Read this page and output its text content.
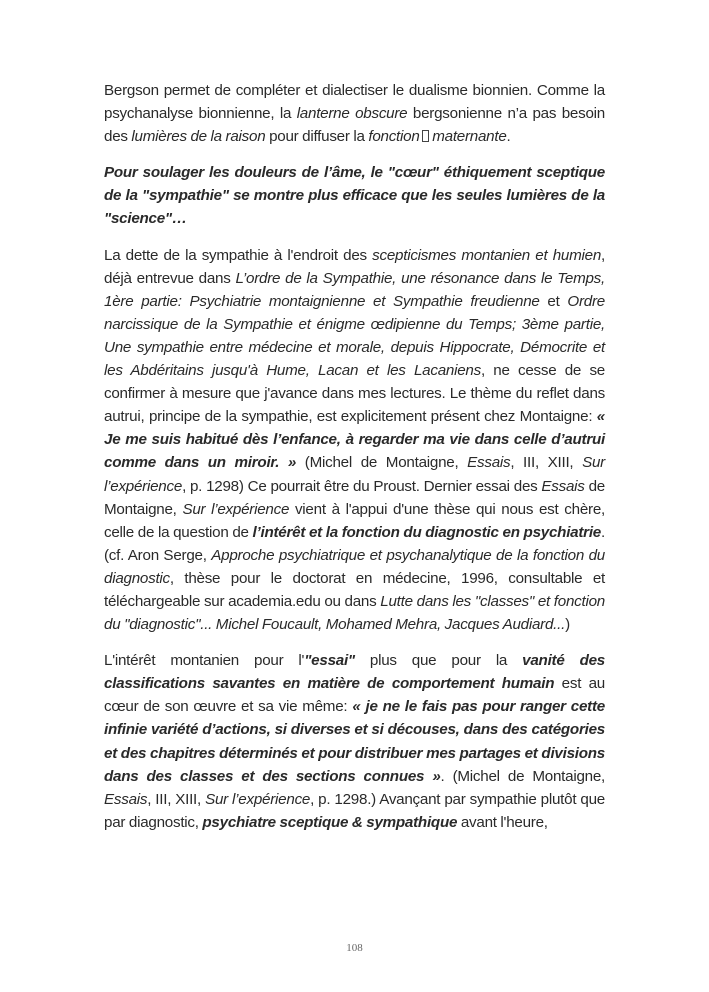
Bergson permet de compléter et dialectiser le dualisme bionnien. Comme la psychanalyse bionnienne, la lanterne obscure bergsonienne n’a pas besoin des lumières de la raison pour diffuser la fonction maternante.

Pour soulager les douleurs de l’âme, le "cœur" éthiquement sceptique de la "sympathie" se montre plus efficace que les seules lumières de la "science"…

La dette de la sympathie à l'endroit des scepticismes montanien et humien, déjà entrevue dans L’ordre de la Sympathie, une résonance dans le Temps, 1ère partie: Psychiatrie montaignienne et Sympathie freudienne et Ordre narcissique de la Sympathie et énigme œdipienne du Temps; 3ème partie, Une sympathie entre médecine et morale, depuis Hippocrate, Démocrite et les Abdéritains jusqu'à Hume, Lacan et les Lacaniens, ne cesse de se confirmer à mesure que j'avance dans mes lectures. Le thème du reflet dans autrui, principe de la sympathie, est explicitement présent chez Montaigne: « Je me suis habitué dès l’enfance, à regarder ma vie dans celle d’autrui comme dans un miroir. » (Michel de Montaigne, Essais, III, XIII, Sur l’expérience, p. 1298) Ce pourrait être du Proust. Dernier essai des Essais de Montaigne, Sur l’expérience vient à l'appui d'une thèse qui nous est chère, celle de la question de l’intérêt et la fonction du diagnostic en psychiatrie. (cf. Aron Serge, Approche psychiatrique et psychanalytique de la fonction du diagnostic, thèse pour le doctorat en médecine, 1996, consultable et téléchargeable sur academia.edu ou dans Lutte dans les "classes" et fonction du "diagnostic"... Michel Foucault, Mohamed Mehra, Jacques Audiard...)

L'intérêt montanien pour l'"essai" plus que pour la vanité des classifications savantes en matière de comportement humain est au cœur de son œuvre et sa vie même: « je ne le fais pas pour ranger cette infinie variété d’actions, si diverses et si découses, dans des catégories et des chapitres déterminés et pour distribuer mes partages et divisions dans des classes et des sections connues ». (Michel de Montaigne, Essais, III, XIII, Sur l’expérience, p. 1298.) Avançant par sympathie plutôt que par diagnostic, psychiatre sceptique & sympathique avant l'heure,

108
